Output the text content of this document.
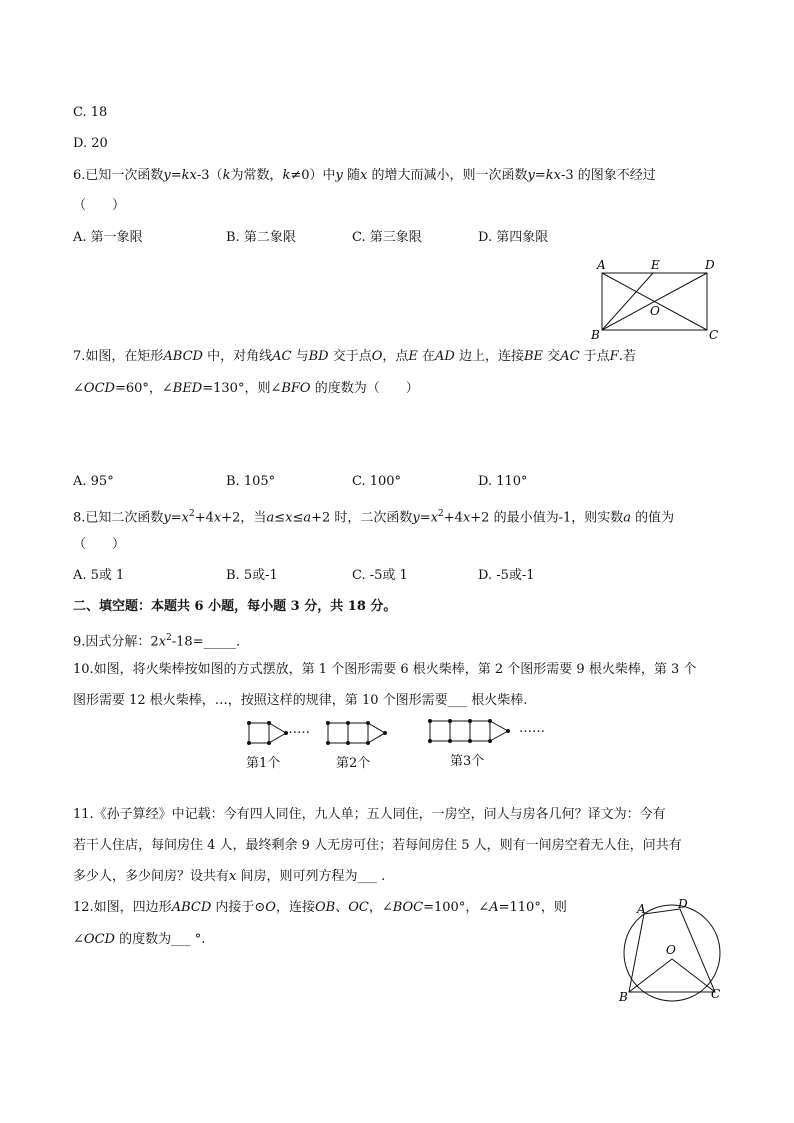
C. 18
D. 20
6.已知一次函数y=kx-3（k为常数，k≠0）中y 随x 的增大而减小，则一次函数y=kx-3 的图象不经过
（　　）
A. 第一象限	B. 第二象限	C. 第三象限	D. 第四象限
A	E	D
O
B	C
7.如图，在矩形ABCD 中，对角线AC 与BD 交于点O，点E 在AD 边上，连接BE 交AC 于点F.若
∠OCD=60°，∠BED=130°，则∠BFO 的度数为（　　）
A. 95°	B. 105°	C. 100°	D. 110°
8.已知二次函数$y=x^2+4x+2$，当a≤x≤a+2 时，二次函数$y=x^2+4x+2$ 的最小值为-1，则实数a 的值为
（　　）
A. 5或 1	B. 5或-1	C. -5或 1	D. -5或-1
二、填空题：本题共 6 小题，每小题 3 分，共 18 分。
9.因式分解：$2x^2-18=\_\_\_\_\_$．
10.如图，将火柴棒按如图的方式摆放，第 1 个图形需要 6 根火柴棒，第 2 个图形需要 9 根火柴棒，第 3 个
图形需要 12 根火柴棒，…，按照这样的规律，第 10 个图形需要___ 根火柴棒.
……	……
第1个	第2个	第3个
11.《孙子算经》中记载：今有四人同住，九人单；五人同住，一房空，问人与房各几何？译文为：今有
若干人住店，每间房住 4 人，最终剩余 9 人无房可住；若每间房住 5 人，则有一间房空着无人住，问共有
多少人，多少间房？设共有x 间房，则可列方程为___ .
12.如图，四边形ABCD 内接于⊙O，连接OB、OC，∠BOC=100°，∠A=110°，则
∠OCD 的度数为___ °.
A	D
O
B	C
